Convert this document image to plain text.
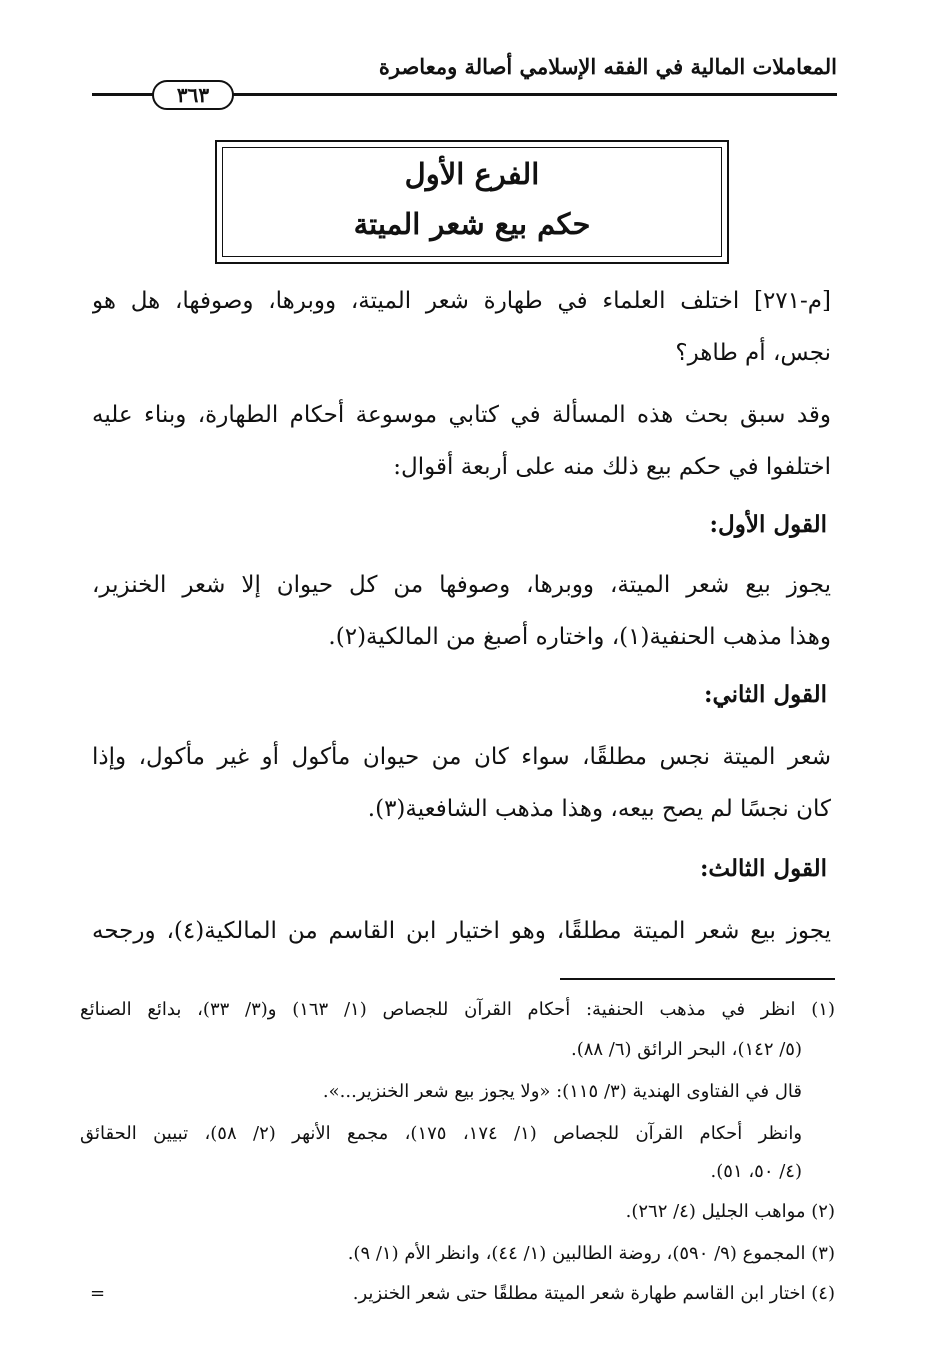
المعاملات المالية في الفقه الإسلامي أصالة ومعاصرة
٣٦٣
الفرع الأول
حكم بيع شعر الميتة
[م-٢٧١] اختلف العلماء في طهارة شعر الميتة، ووبرها، وصوفها، هل هو
نجس، أم طاهر؟
وقد سبق بحث هذه المسألة في كتابي موسوعة أحكام الطهارة، وبناء عليه
اختلفوا في حكم بيع ذلك منه على أربعة أقوال:
القول الأول:
يجوز بيع شعر الميتة، ووبرها، وصوفها من كل حيوان إلا شعر الخنزير،
وهذا مذهب الحنفية(١)، واختاره أصبغ من المالكية(٢).
القول الثاني:
شعر الميتة نجس مطلقًا، سواء كان من حيوان مأكول أو غير مأكول، وإذا
كان نجسًا لم يصح بيعه، وهذا مذهب الشافعية(٣).
القول الثالث:
يجوز بيع شعر الميتة مطلقًا، وهو اختيار ابن القاسم من المالكية(٤)، ورجحه
(١) انظر في مذهب الحنفية: أحكام القرآن للجصاص (١/ ١٦٣) و(٣/ ٣٣)، بدائع الصنائع
(٥/ ١٤٢)، البحر الرائق (٦/ ٨٨).
قال في الفتاوى الهندية (٣/ ١١٥): «ولا يجوز بيع شعر الخنزير...».
وانظر أحكام القرآن للجصاص (١/ ١٧٤، ١٧٥)، مجمع الأنهر (٢/ ٥٨)، تبيين الحقائق
(٤/ ٥٠، ٥١).
(٢) مواهب الجليل (٤/ ٢٦٢).
(٣) المجموع (٩/ ٥٩٠)، روضة الطالبين (١/ ٤٤)، وانظر الأم (١/ ٩).
(٤) اختار ابن القاسم طهارة شعر الميتة مطلقًا حتى شعر الخنزير.
=
